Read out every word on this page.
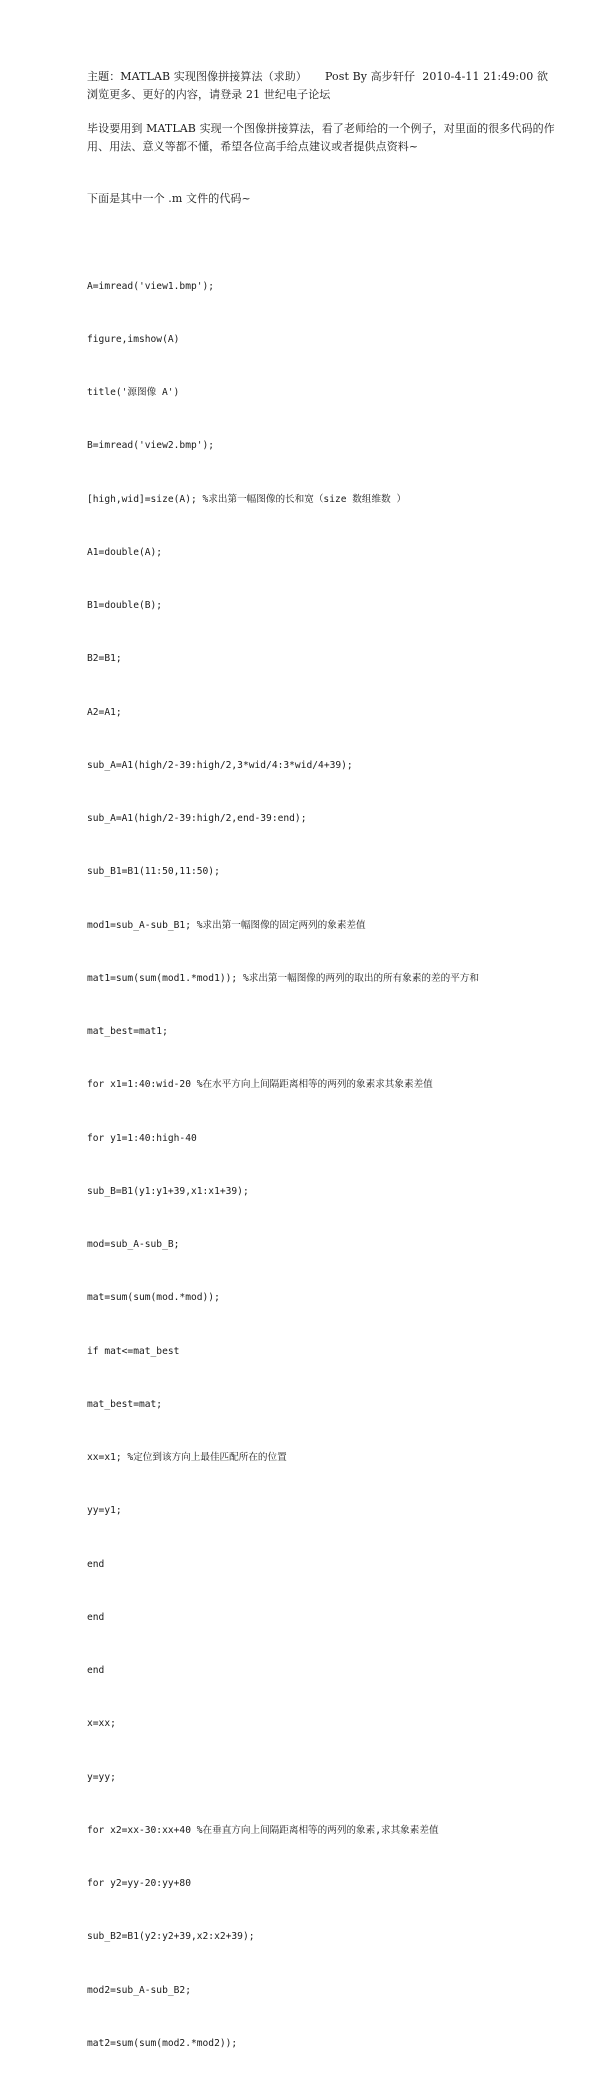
主题：MATLAB 实现图像拼接算法（求助）     Post By 高步轩仔  2010-4-11 21:49:00 欲
浏览更多、更好的内容，请登录 21 世纪电子论坛
毕设要用到 MATLAB 实现一个图像拼接算法，看了老师给的一个例子，对里面的很多代码的作
用、用法、意义等都不懂，希望各位高手给点建议或者提供点资料~
下面是其中一个 .m 文件的代码~

A=imread('view1.bmp');

figure,imshow(A)

title('源图像 A')

B=imread('view2.bmp');

[high,wid]=size(A); %求出第一幅图像的长和宽（size 数组维数 ）

A1=double(A);

B1=double(B);

B2=B1;

A2=A1;

sub_A=A1(high/2-39:high/2,3*wid/4:3*wid/4+39);

sub_A=A1(high/2-39:high/2,end-39:end);

sub_B1=B1(11:50,11:50);

mod1=sub_A-sub_B1; %求出第一幅图像的固定两列的象素差值

mat1=sum(sum(mod1.*mod1)); %求出第一幅图像的两列的取出的所有象素的差的平方和

mat_best=mat1;

for x1=1:40:wid-20 %在水平方向上间隔距离相等的两列的象素求其象素差值

for y1=1:40:high-40

sub_B=B1(y1:y1+39,x1:x1+39);

mod=sub_A-sub_B;

mat=sum(sum(mod.*mod));

if mat<=mat_best

mat_best=mat;

xx=x1; %定位到该方向上最佳匹配所在的位置

yy=y1;

end

end

end

x=xx;

y=yy;

for x2=xx-30:xx+40 %在垂直方向上间隔距离相等的两列的象素,求其象素差值

for y2=yy-20:yy+80

sub_B2=B1(y2:y2+39,x2:x2+39);

mod2=sub_A-sub_B2;

mat2=sum(sum(mod2.*mod2));
